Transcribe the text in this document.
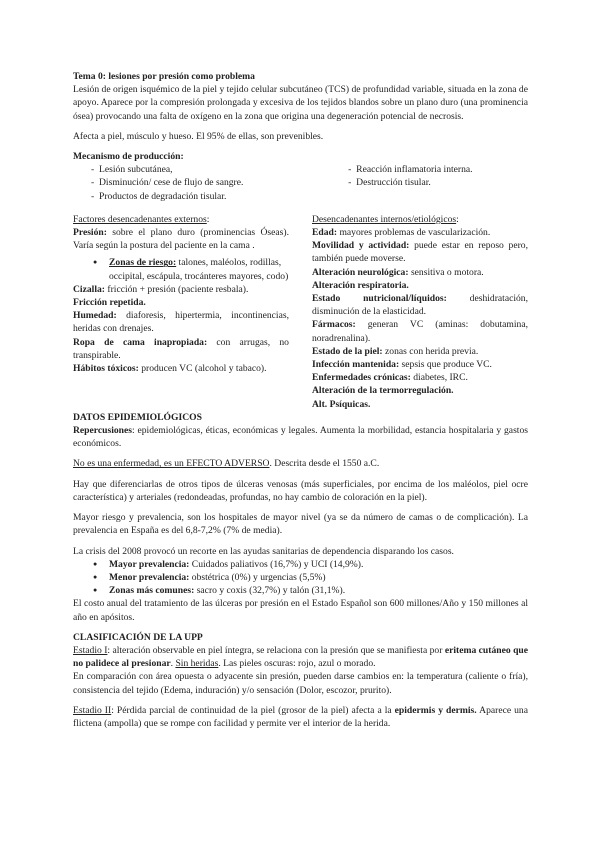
Tema 0: lesiones por presión como problema

Lesión de origen isquémico de la piel y tejido celular subcutáneo (TCS) de profundidad variable, situada en la zona de apoyo. Aparece por la compresión prolongada y excesiva de los tejidos blandos sobre un plano duro (una prominencia ósea) provocando una falta de oxígeno en la zona que origina una degeneración potencial de necrosis.

Afecta a piel, músculo y hueso. El 95% de ellas, son prevenibles.

Mecanismo de producción:

- Lesión subcutánea,
- Disminución/ cese de flujo de sangre.
- Productos de degradación tisular.
- Reacción inflamatoria interna.
- Destrucción tisular.

Factores desencadenantes externos:

Presión: sobre el plano duro (prominencias Óseas). Varía según la postura del paciente en la cama .

● Zonas de riesgo: talones, maléolos, rodillas, occipital, escápula, trocánteres mayores, codo)

Cizalla: fricción + presión (paciente resbala).

Fricción repetida.

Humedad: diaforesis, hipertermia, incontinencias, heridas con drenajes.

Ropa de cama inapropiada: con arrugas, no transpirable.

Hábitos tóxicos: producen VC (alcohol y tabaco).

Desencadenantes internos/etiológicos:

Edad: mayores problemas de vascularización.

Movilidad y actividad: puede estar en reposo pero, también puede moverse.

Alteración neurológica: sensitiva o motora.

Alteración respiratoria.

Estado nutricional/líquidos: deshidratación, disminución de la elasticidad.

Fármacos: generan VC (aminas: dobutamina, noradrenalina).

Estado de la piel: zonas con herida previa.

Infección mantenida: sepsis que produce VC.

Enfermedades crónicas: diabetes, IRC.

Alteración de la termorregulación.

Alt. Psíquicas.

DATOS EPIDEMIOLÓGICOS

Repercusiones: epidemiológicas, éticas, económicas y legales. Aumenta la morbilidad, estancia hospitalaria y gastos económicos.

No es una enfermedad, es un EFECTO ADVERSO. Descrita desde el 1550 a.C.

Hay que diferenciarlas de otros tipos de úlceras venosas (más superficiales, por encima de los maléolos, piel ocre característica) y arteriales (redondeadas, profundas, no hay cambio de coloración en la piel).

Mayor riesgo y prevalencia, son los hospitales de mayor nivel (ya se da número de camas o de complicación). La prevalencia en España es del 6,8-7,2% (7% de media).

La crisis del 2008 provocó un recorte en las ayudas sanitarias de dependencia disparando los casos.

● Mayor prevalencia: Cuidados paliativos (16,7%) y UCI (14,9%).
● Menor prevalencia: obstétrica (0%) y urgencias (5,5%)
● Zonas más comunes: sacro y coxis (32,7%) y talón (31,1%).

El costo anual del tratamiento de las úlceras por presión en el Estado Español son 600 millones/Año y 150 millones al año en apósitos.

CLASIFICACIÓN DE LA UPP

Estadio I: alteración observable en piel íntegra, se relaciona con la presión que se manifiesta por eritema cutáneo que no palidece al presionar. Sin heridas. Las pieles oscuras: rojo, azul o morado.

En comparación con área opuesta o adyacente sin presión, pueden darse cambios en: la temperatura (caliente o fría), consistencia del tejido (Edema, induración) y/o sensación (Dolor, escozor, prurito).

Estadio II: Pérdida parcial de continuidad de la piel (grosor de la piel) afecta a la epidermis y dermis. Aparece una flictena (ampolla) que se rompe con facilidad y permite ver el interior de la herida.
